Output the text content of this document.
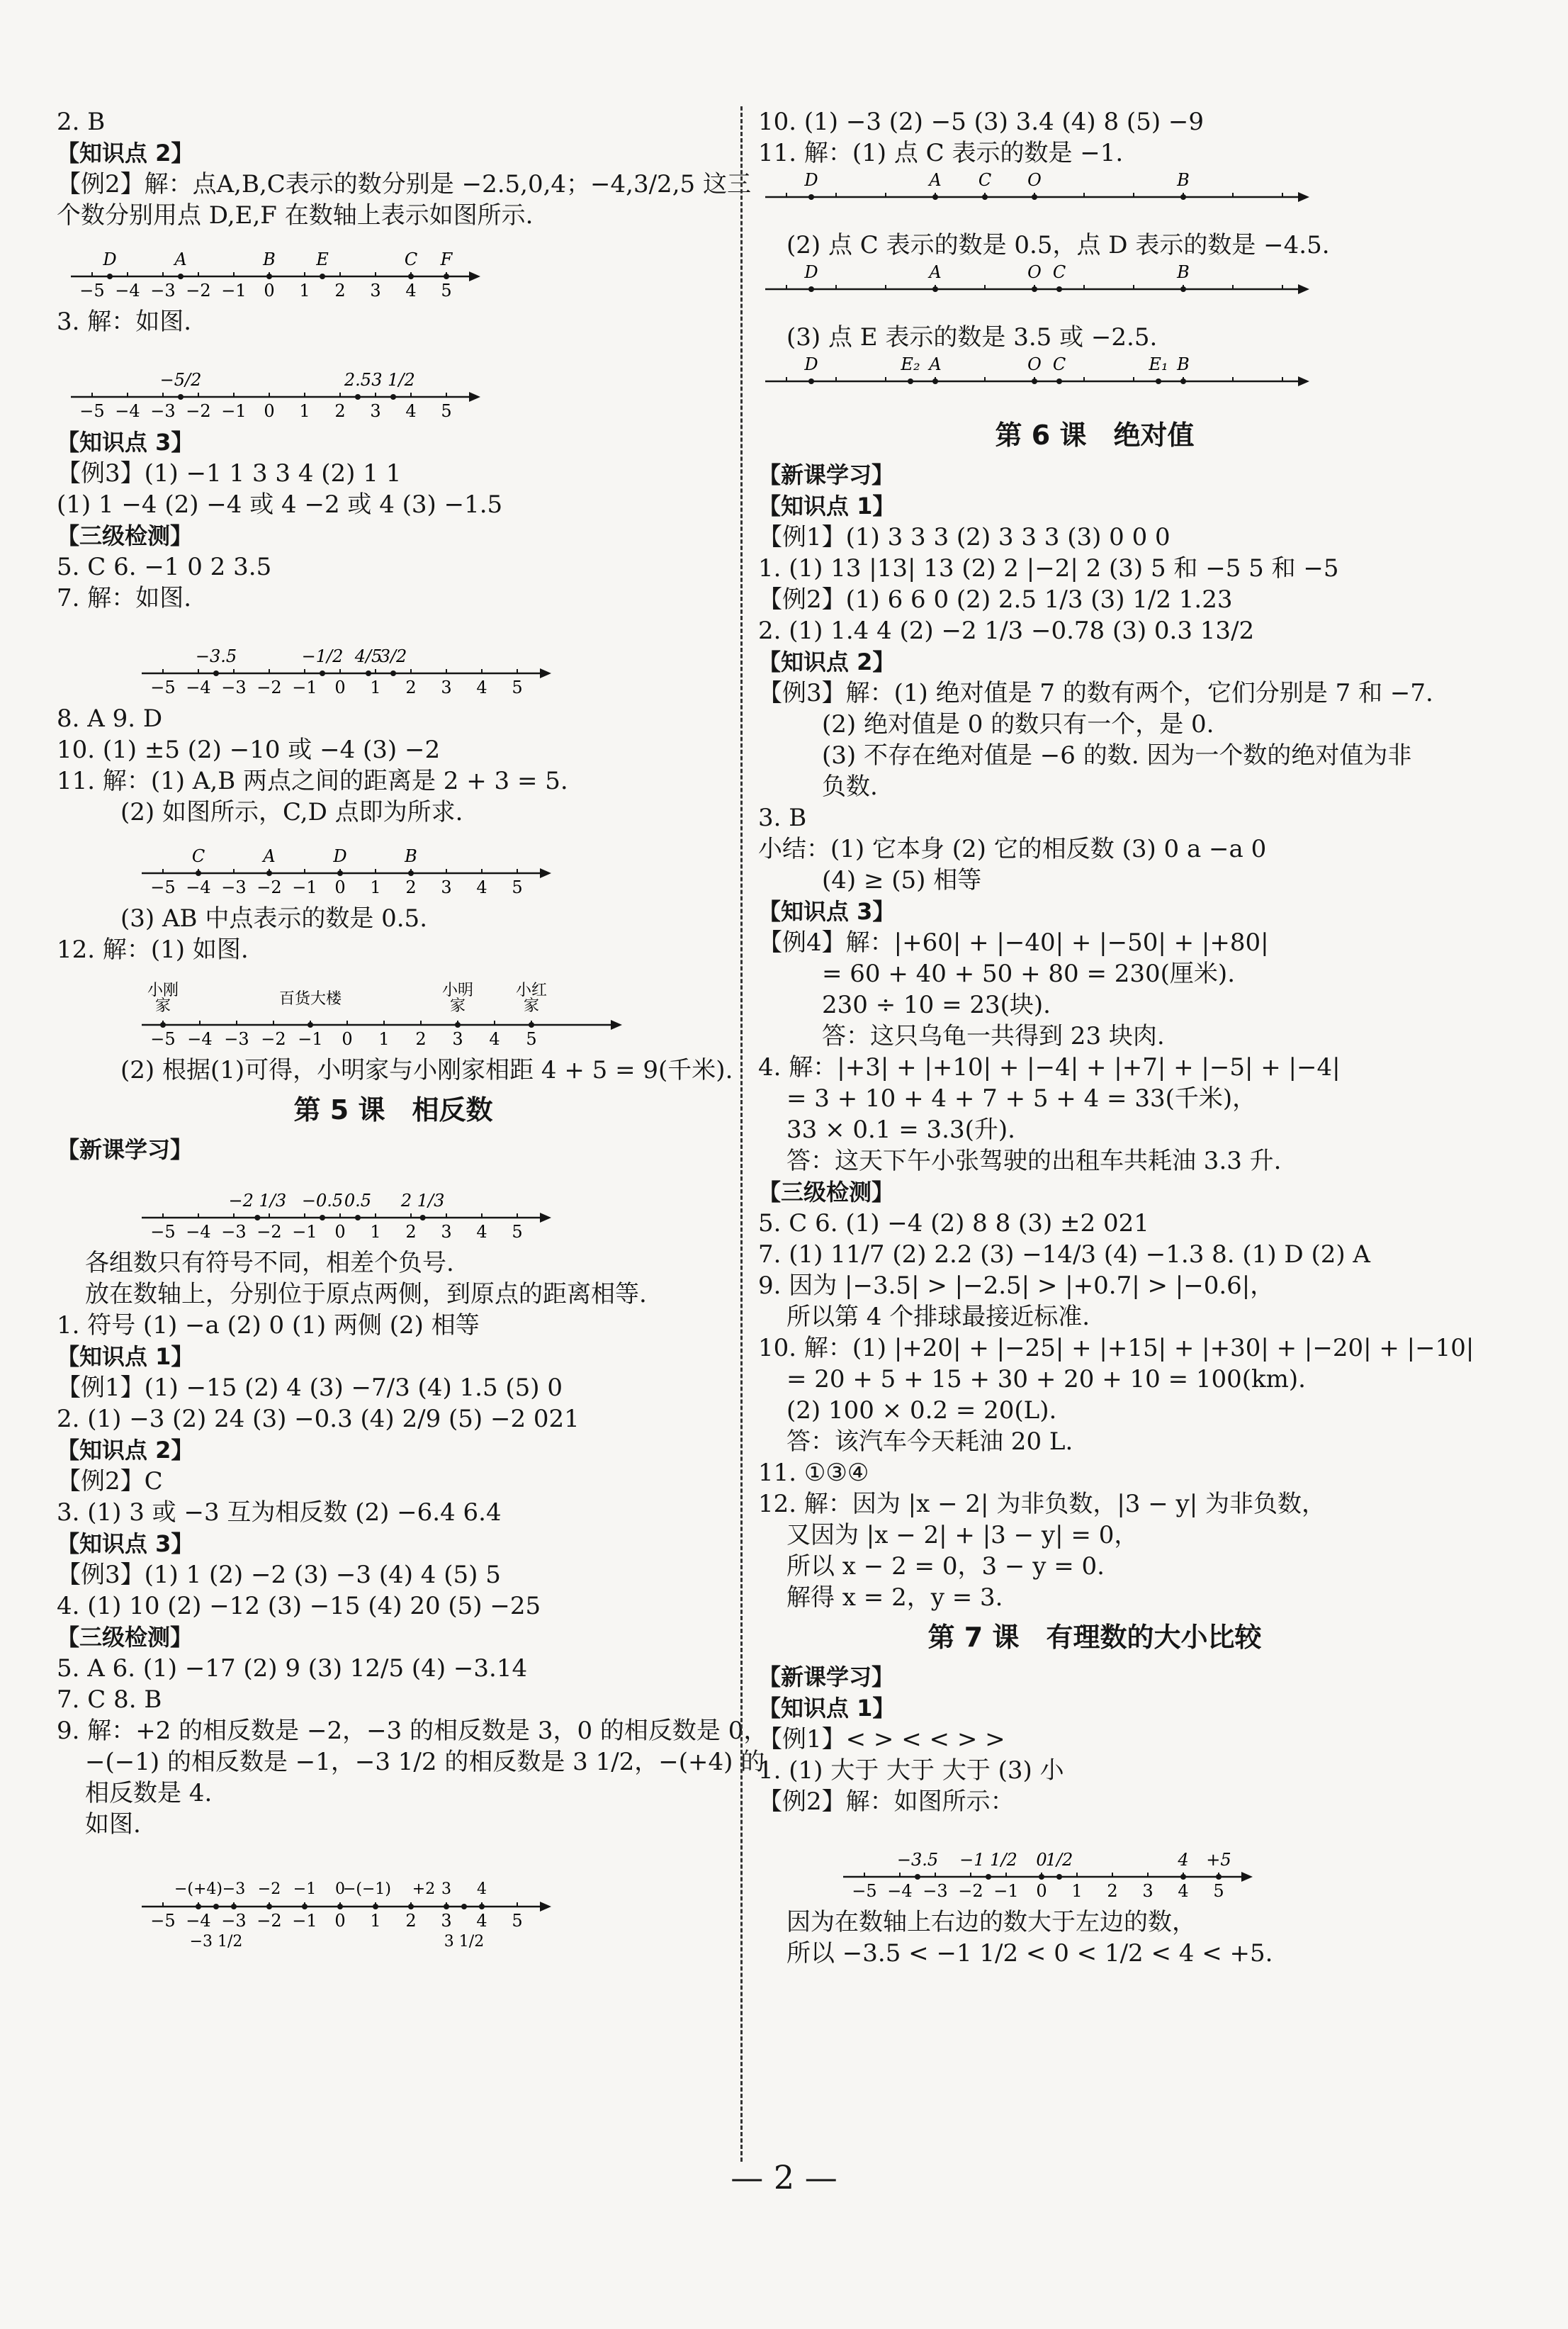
2. B
【知识点 2】
【例2】解：点A,B,C表示的数分别是 −2.5,0,4；−4,3/2,5 这三
个数分别用点 D,E,F 在数轴上表示如图所示.
−5 −4 −3 −2 −1 0 1 2 3 4 5
D	A	B E	C F
3. 解：如图.
−5 −4 −3 −2 −1 0 1 2 3 4 5
−5/2	2.5 3 1/2
【知识点 3】
【例3】(1) −1 1 3 3 4 (2) 1 1
(1) 1 −4 (2) −4 或 4 −2 或 4 (3) −1.5
【三级检测】
5. C 6. −1 0 2 3.5
7. 解：如图.
−5 −4 −3 −2 −1 0 1 2 3 4 5
−3.5	−1/2 4/5
3/2
8. A 9. D
10. (1) ±5 (2) −10 或 −4 (3) −2
11. 解：(1) A,B 两点之间的距离是 2 + 3 = 5.
(2) 如图所示，C,D 点即为所求.
−5 −4 −3 −2 −1 0 1 2 3 4 5
C	A	D	B
(3) AB 中点表示的数是 0.5.
12. 解：(1) 如图.
−5 −4 −3 −2 −1 0 1 2 3 4 5
小刚
家	百货大楼	小明
家
小红
家
(2) 根据(1)可得，小明家与小刚家相距 4 + 5 = 9(千米).
第 5 课　相反数
【新课学习】
−5 −4 −3 −2 −1 0 1 2 3 4 5
−2 1/3 −0.5 0.5 2 1/3
各组数只有符号不同，相差个负号.
放在数轴上，分别位于原点两侧，到原点的距离相等.
1. 符号 (1) −a (2) 0 (1) 两侧 (2) 相等
【知识点 1】
【例1】(1) −15 (2) 4 (3) −7/3 (4) 1.5 (5) 0
2. (1) −3 (2) 24 (3) −0.3 (4) 2/9 (5) −2 021
【知识点 2】
【例2】C
3. (1) 3 或 −3 互为相反数 (2) −6.4 6.4
【知识点 3】
【例3】(1) 1 (2) −2 (3) −3 (4) 4 (5) 5
4. (1) 10 (2) −12 (3) −15 (4) 20 (5) −25
【三级检测】
5. A 6. (1) −17 (2) 9 (3) 12/5 (4) −3.14
7. C 8. B
9. 解：+2 的相反数是 −2，−3 的相反数是 3，0 的相反数是 0，
−(−1) 的相反数是 −1，−3 1/2 的相反数是 3 1/2，−(+4) 的
相反数是 4.
如图.
−5 −4 −3 −2 −1 0 1 2 3 4 5
−(+4) −3 −2 −1 0
−(−1) +2 3 4
−3 1/2	3 1/2
10. (1) −3 (2) −5 (3) 3.4 (4) 8 (5) −9
11. 解：(1) 点 C 表示的数是 −1.
D	A C O	B
(2) 点 C 表示的数是 0.5，点 D 表示的数是 −4.5.
D	A	O C	B
(3) 点 E 表示的数是 3.5 或 −2.5.
D	E₂ A	O C	E₁ B
第 6 课　绝对值
【新课学习】
【知识点 1】
【例1】(1) 3 3 3 (2) 3 3 3 (3) 0 0 0
1. (1) 13 |13| 13 (2) 2 |−2| 2 (3) 5 和 −5 5 和 −5
【例2】(1) 6 6 0 (2) 2.5 1/3 (3) 1/2 1.23
2. (1) 1.4 4 (2) −2 1/3 −0.78 (3) 0.3 13/2
【知识点 2】
【例3】解：(1) 绝对值是 7 的数有两个，它们分别是 7 和 −7.
(2) 绝对值是 0 的数只有一个，是 0.
(3) 不存在绝对值是 −6 的数. 因为一个数的绝对值为非
负数.
3. B
小结：(1) 它本身 (2) 它的相反数 (3) 0 a −a 0
(4) ≥ (5) 相等
【知识点 3】
【例4】解：|+60| + |−40| + |−50| + |+80|
= 60 + 40 + 50 + 80 = 230(厘米).
230 ÷ 10 = 23(块).
答：这只乌龟一共得到 23 块肉.
4. 解：|+3| + |+10| + |−4| + |+7| + |−5| + |−4|
= 3 + 10 + 4 + 7 + 5 + 4 = 33(千米)，
33 × 0.1 = 3.3(升).
答：这天下午小张驾驶的出租车共耗油 3.3 升.
【三级检测】
5. C 6. (1) −4 (2) 8 8 (3) ±2 021
7. (1) 11/7 (2) 2.2 (3) −14/3 (4) −1.3 8. (1) D (2) A
9. 因为 |−3.5| > |−2.5| > |+0.7| > |−0.6|，
所以第 4 个排球最接近标准.
10. 解：(1) |+20| + |−25| + |+15| + |+30| + |−20| + |−10|
= 20 + 5 + 15 + 30 + 20 + 10 = 100(km).
(2) 100 × 0.2 = 20(L).
答：该汽车今天耗油 20 L.
11. ①③④
12. 解：因为 |x − 2| 为非负数，|3 − y| 为非负数，
又因为 |x − 2| + |3 − y| = 0，
所以 x − 2 = 0，3 − y = 0.
解得 x = 2，y = 3.
第 7 课　有理数的大小比较
【新课学习】
【知识点 1】
【例1】< > < < > >
1. (1) 大于 大于 大于 (3) 小
【例2】解：如图所示：
−5 −4 −3 −2 −1 0 1 2 3 4 5
−3.5 −1 1/2 0
1/2	4 +5
因为在数轴上右边的数大于左边的数，
所以 −3.5 < −1 1/2 < 0 < 1/2 < 4 < +5.
— 2 —
